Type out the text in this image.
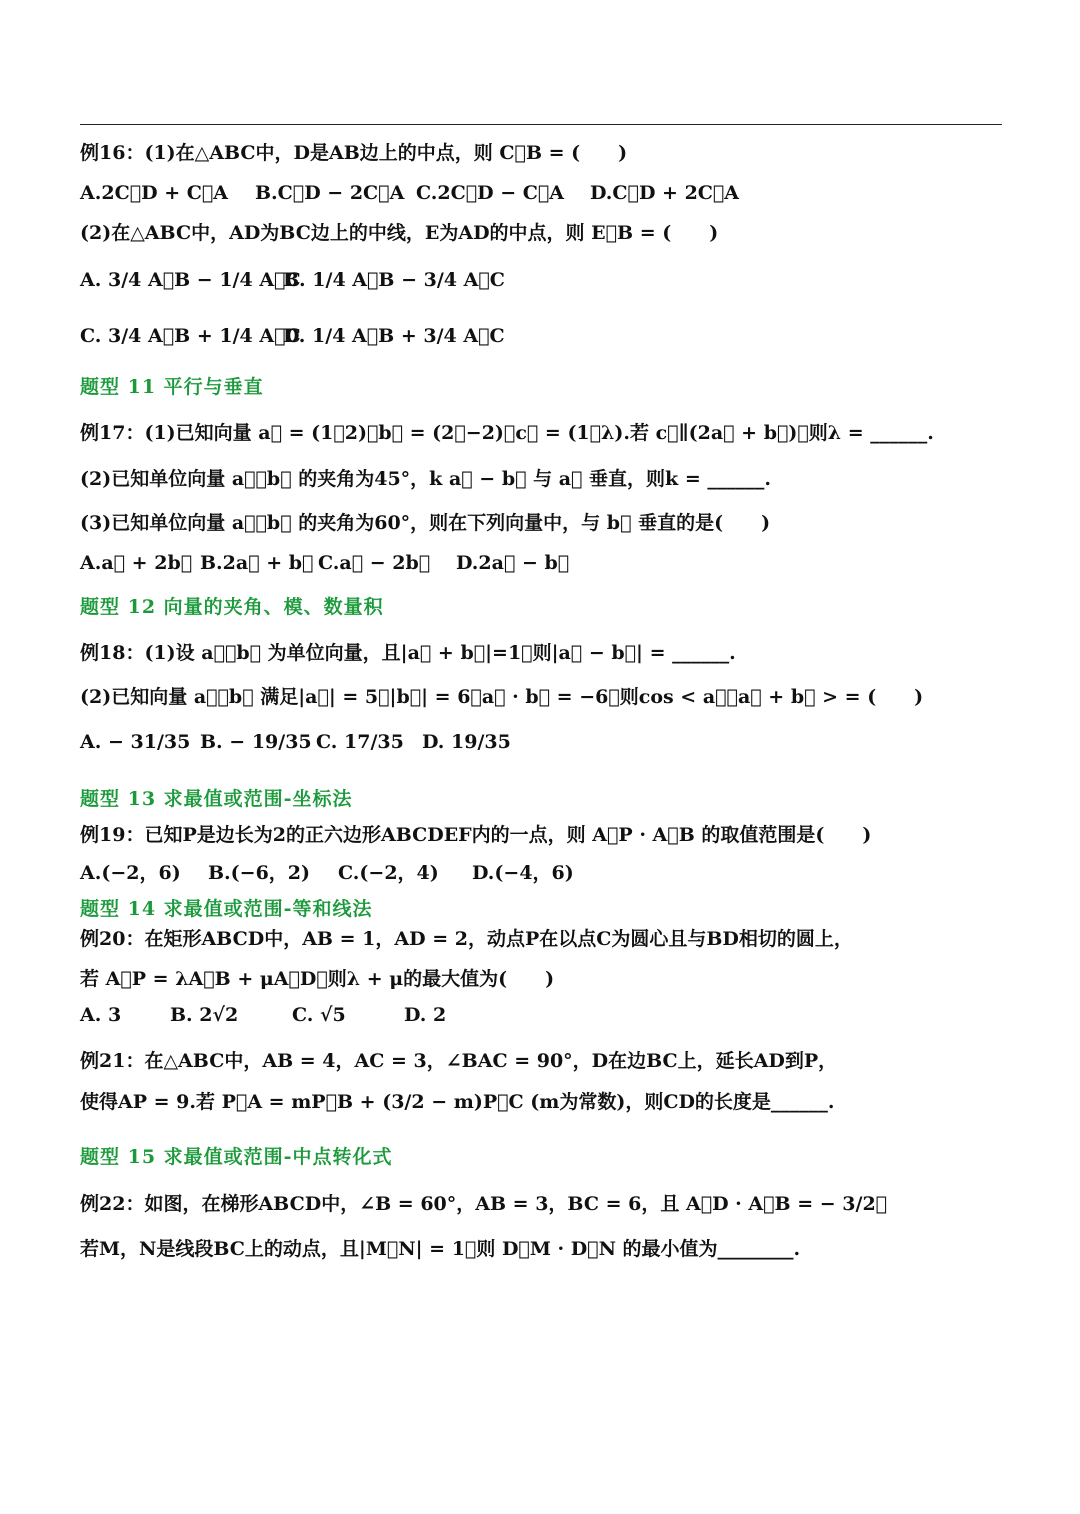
例16：(1)在△ABC中，D是AB边上的中点，则 C⃗B = (　　)
A.2C⃗D + C⃗A B.C⃗D − 2C⃗A C.2C⃗D − C⃗A D.C⃗D + 2C⃗A
(2)在△ABC中，AD为BC边上的中线，E为AD的中点，则 E⃗B = (　　)
A. 3/4 A⃗B − 1/4 A⃗C
B. 1/4 A⃗B − 3/4 A⃗C
C. 3/4 A⃗B + 1/4 A⃗C
D. 1/4 A⃗B + 3/4 A⃗C
题型 11 平行与垂直
例17：(1)已知向量 a⃗ = (1，2)，b⃗ = (2，−2)，c⃗ = (1，λ).若 c⃗∥(2a⃗ + b⃗)，则λ = ______.
(2)已知单位向量 a⃗，b⃗ 的夹角为45°，k a⃗ − b⃗ 与 a⃗ 垂直，则k = ______.
(3)已知单位向量 a⃗，b⃗ 的夹角为60°，则在下列向量中，与 b⃗ 垂直的是(　　)
A.a⃗ + 2b⃗ B.2a⃗ + b⃗ C.a⃗ − 2b⃗ D.2a⃗ − b⃗
题型 12 向量的夹角、模、数量积
例18：(1)设 a⃗，b⃗ 为单位向量，且|a⃗ + b⃗|=1，则|a⃗ − b⃗| = ______.
(2)已知向量 a⃗，b⃗ 满足|a⃗| = 5，|b⃗| = 6，a⃗ · b⃗ = −6，则cos < a⃗，a⃗ + b⃗ > = (　　)
A. − 31/35 B. − 19/35 C. 17/35 D. 19/35
题型 13 求最值或范围-坐标法
例19：已知P是边长为2的正六边形ABCDEF内的一点，则 A⃗P · A⃗B 的取值范围是(　　)
A.(−2，6) B.(−6，2) C.(−2，4) D.(−4，6)
题型 14 求最值或范围-等和线法
例20：在矩形ABCD中，AB = 1，AD = 2，动点P在以点C为圆心且与BD相切的圆上，
若 A⃗P = λA⃗B + μA⃗D，则λ + μ的最大值为(　　)
A. 3	B. 2√2	C. √5	D. 2
例21：在△ABC中，AB = 4，AC = 3，∠BAC = 90°，D在边BC上，延长AD到P，
使得AP = 9.若 P⃗A = mP⃗B + (3/2 − m)P⃗C (m为常数)，则CD的长度是______.
题型 15 求最值或范围-中点转化式
例22：如图，在梯形ABCD中，∠B = 60°，AB = 3，BC = 6，且 A⃗D · A⃗B = − 3/2，
若M，N是线段BC上的动点，且|M⃗N| = 1，则 D⃗M · D⃗N 的最小值为________.
